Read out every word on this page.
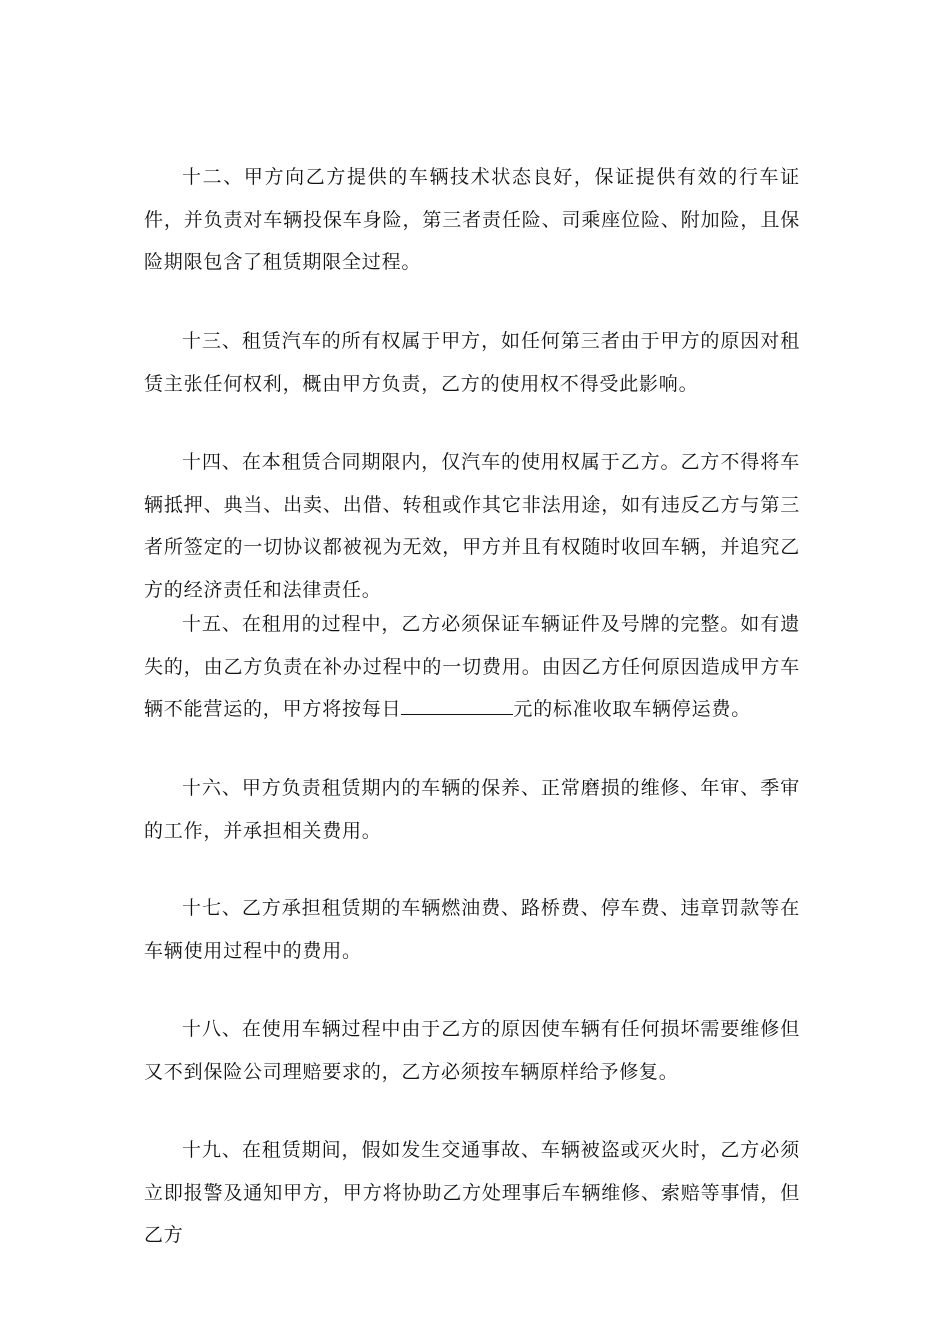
十二、甲方向乙方提供的车辆技术状态良好，保证提供有效的行车证件，并负责对车辆投保车身险，第三者责任险、司乘座位险、附加险，且保险期限包含了租赁期限全过程。

十三、租赁汽车的所有权属于甲方，如任何第三者由于甲方的原因对租赁主张任何权利，概由甲方负责，乙方的使用权不得受此影响。

十四、在本租赁合同期限内，仅汽车的使用权属于乙方。乙方不得将车辆抵押、典当、出卖、出借、转租或作其它非法用途，如有违反乙方与第三者所签定的一切协议都被视为无效，甲方并且有权随时收回车辆，并追究乙方的经济责任和法律责任。

十五、在租用的过程中，乙方必须保证车辆证件及号牌的完整。如有遗失的，由乙方负责在补办过程中的一切费用。由因乙方任何原因造成甲方车辆不能营运的，甲方将按每日	元的标准收取车辆停运费。

十六、甲方负责租赁期内的车辆的保养、正常磨损的维修、年审、季审的工作，并承担相关费用。

十七、乙方承担租赁期的车辆燃油费、路桥费、停车费、违章罚款等在车辆使用过程中的费用。

十八、在使用车辆过程中由于乙方的原因使车辆有任何损坏需要维修但又不到保险公司理赔要求的，乙方必须按车辆原样给予修复。

十九、在租赁期间，假如发生交通事故、车辆被盗或灭火时，乙方必须立即报警及通知甲方，甲方将协助乙方处理事后车辆维修、索赔等事情，但乙方
